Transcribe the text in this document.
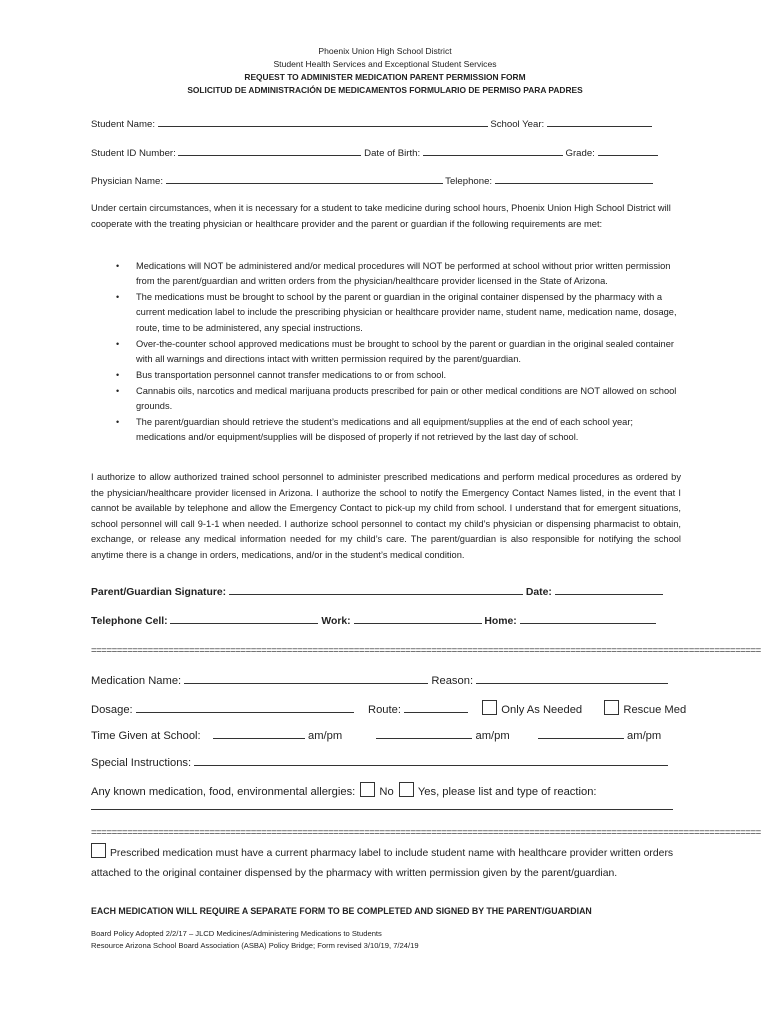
Phoenix Union High School District
Student Health Services and Exceptional Student Services
REQUEST TO ADMINISTER MEDICATION PARENT PERMISSION FORM
SOLICITUD DE ADMINISTRACIÓN DE MEDICAMENTOS FORMULARIO DE PERMISO PARA PADRES
Student Name:	School Year:
Student ID Number:	Date of Birth:	Grade:
Physician Name:	Telephone:
Under certain circumstances, when it is necessary for a student to take medicine during school hours, Phoenix Union High School District will cooperate with the treating physician or healthcare provider and the parent or guardian if the following requirements are met:
• Medications will NOT be administered and/or medical procedures will NOT be performed at school without prior written permission from the parent/guardian and written orders from the physician/healthcare provider licensed in the State of Arizona.
• The medications must be brought to school by the parent or guardian in the original container dispensed by the pharmacy with a current medication label to include the prescribing physician or healthcare provider name, student name, medication name, dosage, route, time to be administered, any special instructions.
• Over-the-counter school approved medications must be brought to school by the parent or guardian in the original sealed container with all warnings and directions intact with written permission required by the parent/guardian.
• Bus transportation personnel cannot transfer medications to or from school.
• Cannabis oils, narcotics and medical marijuana products prescribed for pain or other medical conditions are NOT allowed on school grounds.
• The parent/guardian should retrieve the student’s medications and all equipment/supplies at the end of each school year; medications and/or equipment/supplies will be disposed of properly if not retrieved by the last day of school.
I authorize to allow authorized trained school personnel to administer prescribed medications and perform medical procedures as ordered by the physician/healthcare provider licensed in Arizona. I authorize the school to notify the Emergency Contact Names listed, in the event that I cannot be available by telephone and allow the Emergency Contact to pick-up my child from school. I understand that for emergent situations, school personnel will call 9-1-1 when needed. I authorize school personnel to contact my child’s physician or dispensing pharmacist to obtain, exchange, or release any medical information needed for my child’s care. The parent/guardian is also responsible for notifying the school anytime there is a change in orders, medications, and/or in the student’s medical condition.
Parent/Guardian Signature:	Date:
Telephone Cell:	Work:	Home:
==================================================================================================================================
Medication Name:	Reason:
Dosage:	Route:	Only As Needed	Rescue Med
Time Given at School:	am/pm	am/pm	am/pm
Special Instructions:
Any known medication, food, environmental allergies: No Yes, please list and type of reaction:
==================================================================================================================================
Prescribed medication must have a current pharmacy label to include student name with healthcare provider written orders attached to the original container dispensed by the pharmacy with written permission given by the parent/guardian.
EACH MEDICATION WILL REQUIRE A SEPARATE FORM TO BE COMPLETED AND SIGNED BY THE PARENT/GUARDIAN
Board Policy Adopted 2/2/17 – JLCD Medicines/Administering Medications to Students
Resource Arizona School Board Association (ASBA) Policy Bridge; Form revised 3/10/19, 7/24/19
